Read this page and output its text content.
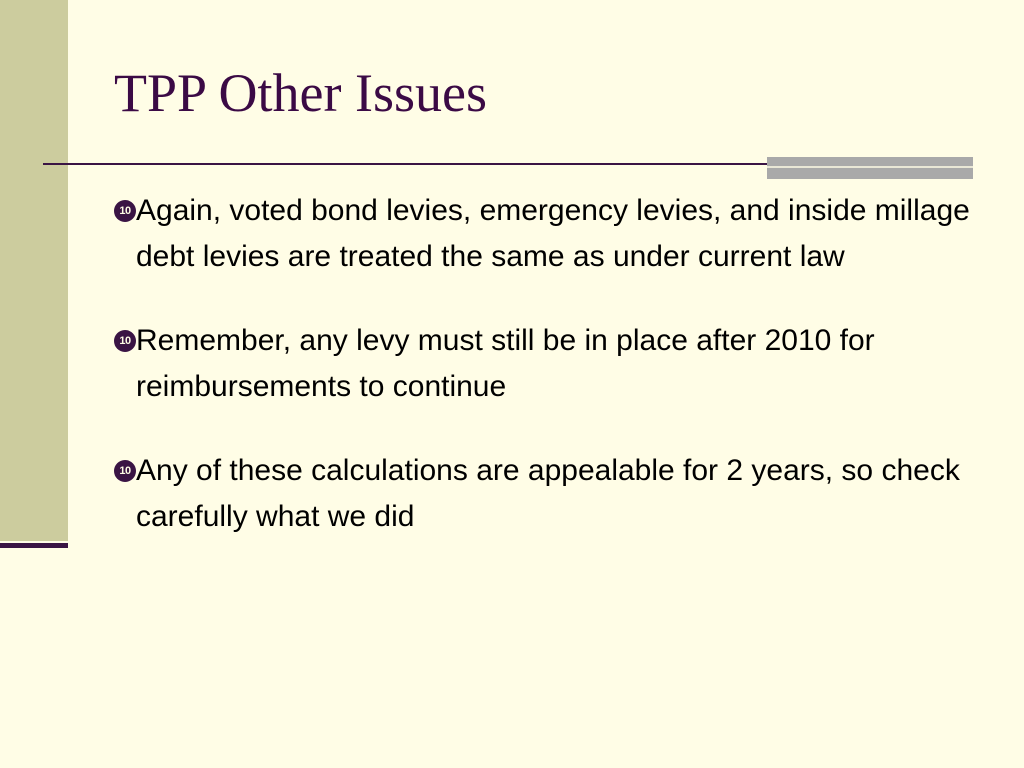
TPP Other Issues
10 Again, voted bond levies, emergency levies, and inside millage debt levies are treated the same as under current law
10 Remember, any levy must still be in place after 2010 for reimbursements to continue
10 Any of these calculations are appealable for 2 years, so check carefully what we did
